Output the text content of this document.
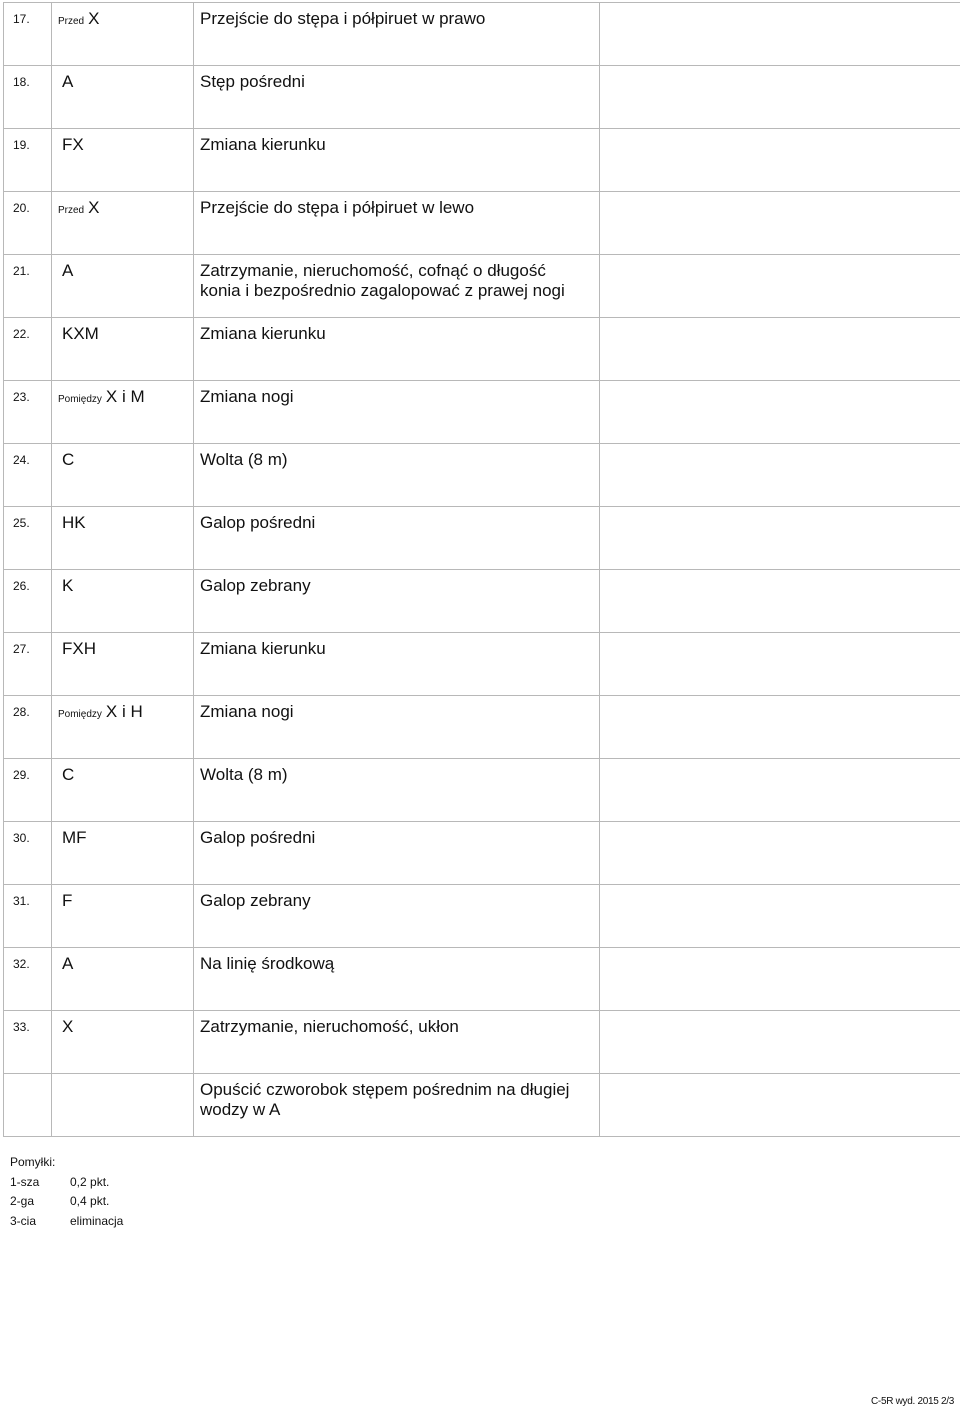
17.	Przed X	Przejście do stępa i półpiruet w prawo	
18.	A	Stęp pośredni	
19.	FX	Zmiana kierunku	
20.	Przed X	Przejście do stępa i półpiruet w lewo	
21.	A	Zatrzymanie, nieruchomość, cofnąć o długość konia i bezpośrednio zagalopować z prawej nogi	
22.	KXM	Zmiana kierunku	
23.	Pomiędzy X i M	Zmiana nogi	
24.	C	Wolta (8 m)	
25.	HK	Galop pośredni	
26.	K	Galop zebrany	
27.	FXH	Zmiana kierunku	
28.	Pomiędzy X i H	Zmiana nogi	
29.	C	Wolta (8 m)	
30.	MF	Galop pośredni	
31.	F	Galop zebrany	
32.	A	Na linię środkową	
33.	X	Zatrzymanie, nieruchomość, ukłon	
		Opuścić czworobok stępem pośrednim na długiej wodzy w A	
Pomyłki:
1-sza	0,2 pkt.
2-ga	0,4 pkt.
3-cia	eliminacja
C-5R wyd. 2015 2/3
